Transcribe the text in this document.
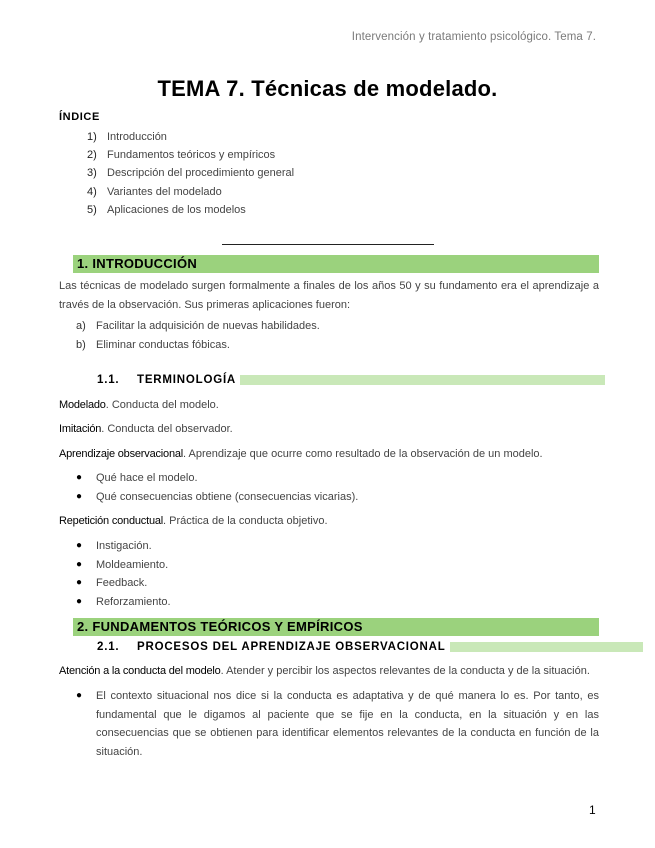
Intervención y tratamiento psicológico. Tema 7.
TEMA 7. Técnicas de modelado.
ÍNDICE
1) Introducción
2) Fundamentos teóricos y empíricos
3) Descripción del procedimiento general
4) Variantes del modelado
5) Aplicaciones de los modelos
1. INTRODUCCIÓN
Las técnicas de modelado surgen formalmente a finales de los años 50 y su fundamento era el aprendizaje a través de la observación. Sus primeras aplicaciones fueron:
a) Facilitar la adquisición de nuevas habilidades.
b) Eliminar conductas fóbicas.
1.1.	TERMINOLOGÍA
Modelado. Conducta del modelo.
Imitación. Conducta del observador.
Aprendizaje observacional. Aprendizaje que ocurre como resultado de la observación de un modelo.
●	Qué hace el modelo.
●	Qué consecuencias obtiene (consecuencias vicarias).
Repetición conductual. Práctica de la conducta objetivo.
●	Instigación.
●	Moldeamiento.
●	Feedback.
●	Reforzamiento.
2. FUNDAMENTOS TEÓRICOS Y EMPÍRICOS
2.1.	PROCESOS DEL APRENDIZAJE OBSERVACIONAL
Atención a la conducta del modelo. Atender y percibir los aspectos relevantes de la conducta y de la situación.
●	El contexto situacional nos dice si la conducta es adaptativa y de qué manera lo es. Por tanto, es fundamental que le digamos al paciente que se fije en la conducta, en la situación y en las consecuencias que se obtienen para identificar elementos relevantes de la conducta en función de la situación.
1
